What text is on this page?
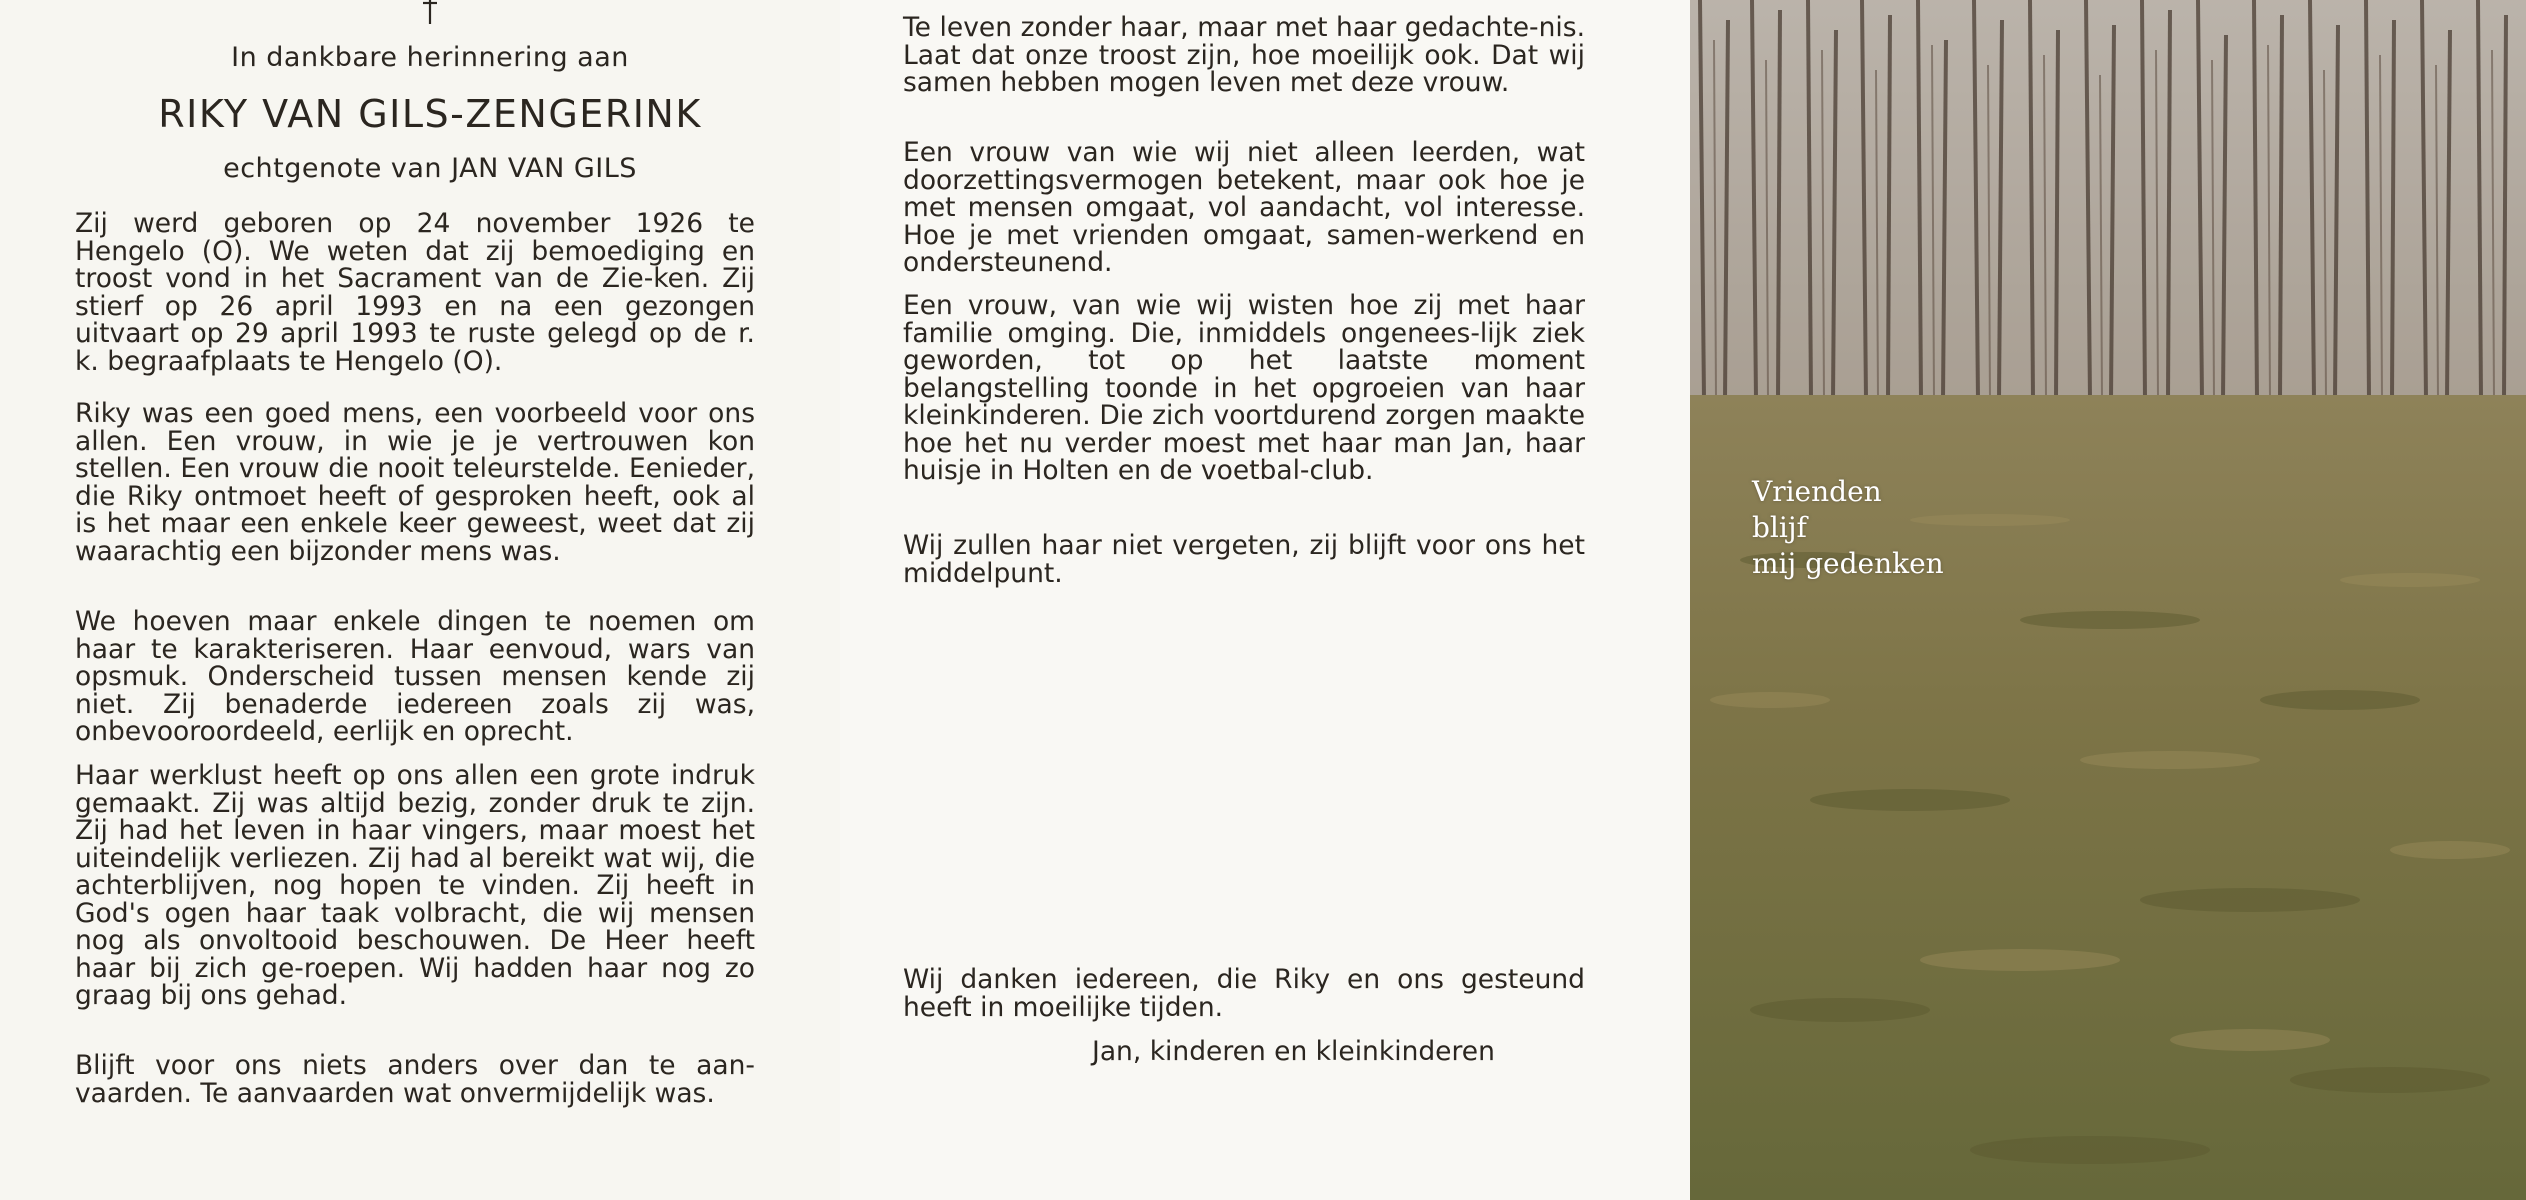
In dankbare herinnering aan
RIKY VAN GILS-ZENGERINK
echtgenote van JAN VAN GILS
Zij werd geboren op 24 november 1926 te Hengelo (O). We weten dat zij bemoediging en troost vond in het Sacrament van de Zie-ken. Zij stierf op 26 april 1993 en na een gezongen uitvaart op 29 april 1993 te ruste gelegd op de r. k. begraafplaats te Hengelo (O).
Riky was een goed mens, een voorbeeld voor ons allen. Een vrouw, in wie je je vertrouwen kon stellen. Een vrouw die nooit teleurstelde. Eenieder, die Riky ontmoet heeft of gesproken heeft, ook al is het maar een enkele keer geweest, weet dat zij waarachtig een bijzonder mens was.
We hoeven maar enkele dingen te noemen om haar te karakteriseren. Haar eenvoud, wars van opsmuk. Onderscheid tussen mensen kende zij niet. Zij benaderde iedereen zoals zij was, onbevooroordeeld, eerlijk en oprecht.
Haar werklust heeft op ons allen een grote indruk gemaakt. Zij was altijd bezig, zonder druk te zijn. Zij had het leven in haar vingers, maar moest het uiteindelijk verliezen. Zij had al bereikt wat wij, die achterblijven, nog hopen te vinden. Zij heeft in God's ogen haar taak volbracht, die wij mensen nog als onvoltooid beschouwen. De Heer heeft haar bij zich ge-roepen. Wij hadden haar nog zo graag bij ons gehad.
Blijft voor ons niets anders over dan te aan-vaarden. Te aanvaarden wat onvermijdelijk was.
Te leven zonder haar, maar met haar gedachte-nis. Laat dat onze troost zijn, hoe moeilijk ook. Dat wij samen hebben mogen leven met deze vrouw.
Een vrouw van wie wij niet alleen leerden, wat doorzettingsvermogen betekent, maar ook hoe je met mensen omgaat, vol aandacht, vol interesse. Hoe je met vrienden omgaat, samen-werkend en ondersteunend.
Een vrouw, van wie wij wisten hoe zij met haar familie omging. Die, inmiddels ongenees-lijk ziek geworden, tot op het laatste moment belangstelling toonde in het opgroeien van haar kleinkinderen. Die zich voortdurend zorgen maakte hoe het nu verder moest met haar man Jan, haar huisje in Holten en de voetbal-club.
Wij zullen haar niet vergeten, zij blijft voor ons het middelpunt.
Wij danken iedereen, die Riky en ons gesteund heeft in moeilijke tijden.
Jan, kinderen en kleinkinderen
Vrienden
blijf
mij gedenken
